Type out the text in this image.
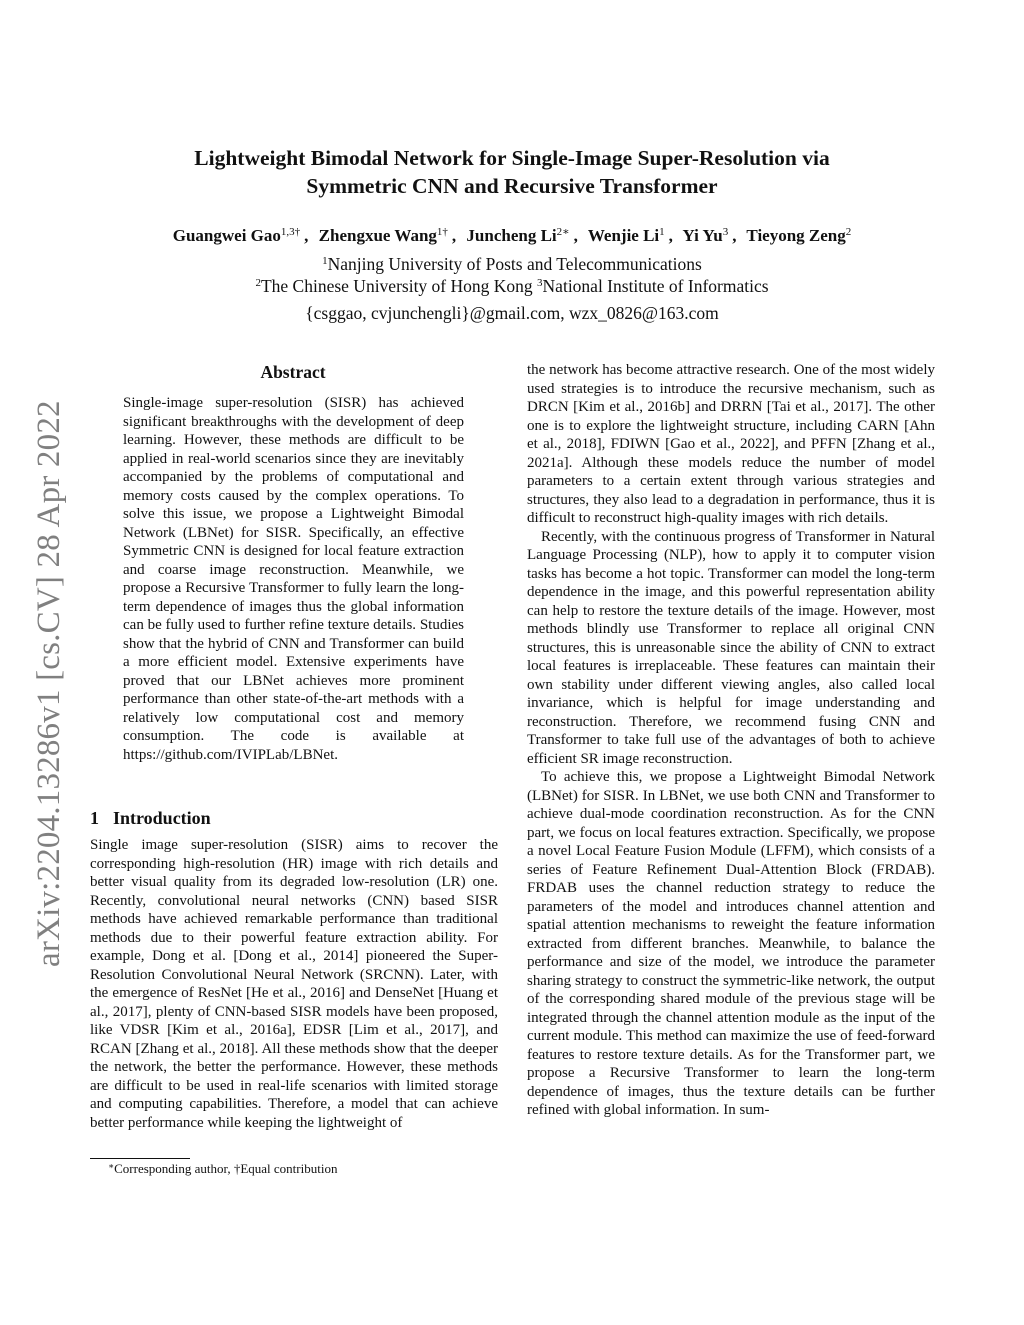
arXiv:2204.13286v1 [cs.CV] 28 Apr 2022
Lightweight Bimodal Network for Single-Image Super-Resolution via
Symmetric CNN and Recursive Transformer
Guangwei Gao$^{1,3\dagger}$ , Zhengxue Wang$^{1\dagger}$ , Juncheng $Li^{2∗}$ , Wenjie Li$^1$ , Yi Yu$^3$ , Tieyong Zeng$^2$
$^1$Nanjing University of Posts and Telecommunications
$^2$The Chinese University of Hong Kong $^3$National Institute of Informatics
{csggao, cvjunchengli}@gmail.com, wzx_0826@163.com
Abstract

Single-image super-resolution (SISR) has achieved significant breakthroughs with the development of deep learning. However, these methods are difficult to be applied in real-world scenarios since they are inevitably accompanied by the problems of computational and memory costs caused by the complex operations. To solve this issue, we propose a Lightweight Bimodal Network (LBNet) for SISR. Specifically, an effective Symmetric CNN is designed for local feature extraction and coarse image reconstruction. Meanwhile, we propose a Recursive Transformer to fully learn the long-term dependence of images thus the global information can be fully used to further refine texture details. Studies show that the hybrid of CNN and Transformer can build a more efficient model. Extensive experiments have proved that our LBNet achieves more prominent performance than other state-of-the-art methods with a relatively low computational cost and memory consumption. The code is available at https://github.com/IVIPLab/LBNet.

1 Introduction

Single image super-resolution (SISR) aims to recover the corresponding high-resolution (HR) image with rich details and better visual quality from its degraded low-resolution (LR) one. Recently, convolutional neural networks (CNN) based SISR methods have achieved remarkable performance than traditional methods due to their powerful feature extraction ability. For example, Dong et al. [Dong et al., 2014] pioneered the Super-Resolution Convolutional Neural Network (SRCNN). Later, with the emergence of ResNet [He et al., 2016] and DenseNet [Huang et al., 2017], plenty of CNN-based SISR models have been proposed, like VDSR [Kim et al., 2016a], EDSR [Lim et al., 2017], and RCAN [Zhang et al., 2018]. All these methods show that the deeper the network, the better the performance. However, these methods are difficult to be used in real-life scenarios with limited storage and computing capabilities. Therefore, a model that can achieve better performance while keeping the lightweight of

∗Corresponding author, †Equal contribution

the network has become attractive research. One of the most widely used strategies is to introduce the recursive mechanism, such as DRCN [Kim et al., 2016b] and DRRN [Tai et al., 2017]. The other one is to explore the lightweight structure, including CARN [Ahn et al., 2018], FDIWN [Gao et al., 2022], and PFFN [Zhang et al., 2021a]. Although these models reduce the number of model parameters to a certain extent through various strategies and structures, they also lead to a degradation in performance, thus it is difficult to reconstruct high-quality images with rich details.

Recently, with the continuous progress of Transformer in Natural Language Processing (NLP), how to apply it to computer vision tasks has become a hot topic. Transformer can model the long-term dependence in the image, and this powerful representation ability can help to restore the texture details of the image. However, most methods blindly use Transformer to replace all original CNN structures, this is unreasonable since the ability of CNN to extract local features is irreplaceable. These features can maintain their own stability under different viewing angles, also called local invariance, which is helpful for image understanding and reconstruction. Therefore, we recommend fusing CNN and Transformer to take full use of the advantages of both to achieve efficient SR image reconstruction.

To achieve this, we propose a Lightweight Bimodal Network (LBNet) for SISR. In LBNet, we use both CNN and Transformer to achieve dual-mode coordination reconstruction. As for the CNN part, we focus on local features extraction. Specifically, we propose a novel Local Feature Fusion Module (LFFM), which consists of a series of Feature Refinement Dual-Attention Block (FRDAB). FRDAB uses the channel reduction strategy to reduce the parameters of the model and introduces channel attention and spatial attention mechanisms to reweight the feature information extracted from different branches. Meanwhile, to balance the performance and size of the model, we introduce the parameter sharing strategy to construct the symmetric-like network, the output of the corresponding shared module of the previous stage will be integrated through the channel attention module as the input of the current module. This method can maximize the use of feed-forward features to restore texture details. As for the Transformer part, we propose a Recursive Transformer to learn the long-term dependence of images, thus the texture details can be further refined with global information. In sum-
